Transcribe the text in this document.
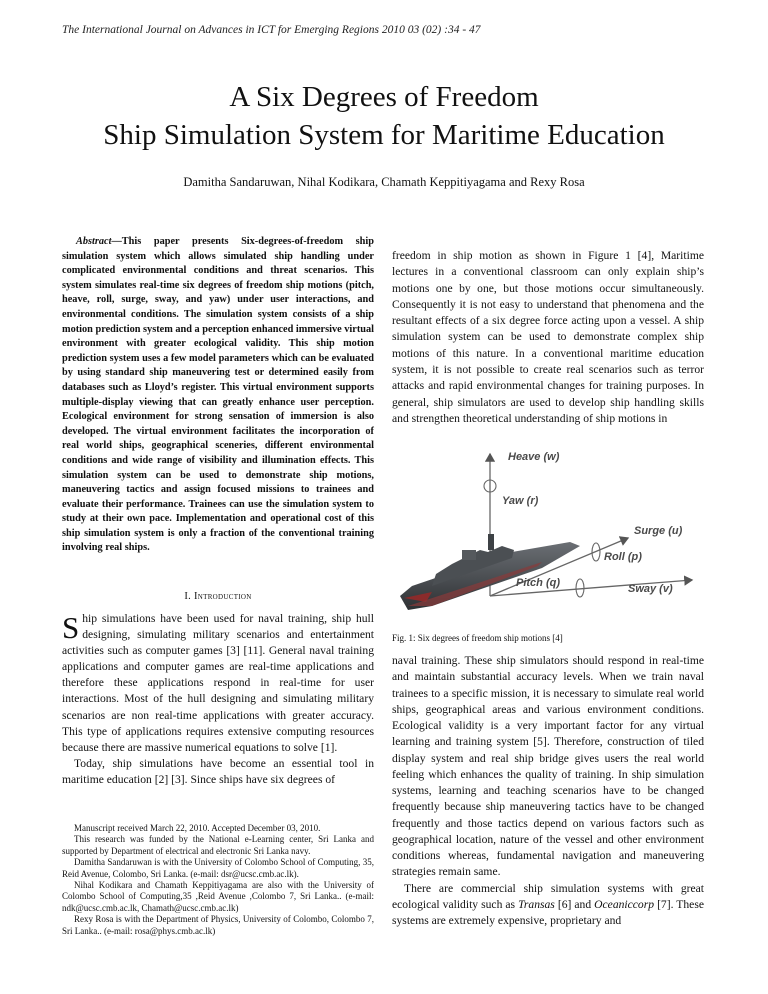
The International Journal on Advances in ICT for Emerging Regions 2010 03 (02) :34 - 47
A Six Degrees of Freedom
Ship Simulation System for Maritime Education
Damitha Sandaruwan, Nihal Kodikara, Chamath Keppitiyagama and Rexy Rosa
Abstract—This paper presents Six-degrees-of-freedom ship simulation system which allows simulated ship handling under complicated environmental conditions and threat scenarios. This system simulates real-time six degrees of freedom ship motions (pitch, heave, roll, surge, sway, and yaw) under user interactions, and environmental conditions. The simulation system consists of a ship motion prediction system and a perception enhanced immersive virtual environment with greater ecological validity. This ship motion prediction system uses a few model parameters which can be evaluated by using standard ship maneuvering test or determined easily from databases such as Lloyd’s register. This virtual environment supports multiple-display viewing that can greatly enhance user perception. Ecological environment for strong sensation of immersion is also developed. The virtual environment facilitates the incorporation of real world ships, geographical sceneries, different environmental conditions and wide range of visibility and illumination effects. This simulation system can be used to demonstrate ship motions, maneuvering tactics and assign focused missions to trainees and evaluate their performance. Trainees can use the simulation system to study at their own pace. Implementation and operational cost of this ship simulation system is only a fraction of the conventional training involving real ships.
I. Introduction

Ship simulations have been used for naval training, ship hull designing, simulating military scenarios and entertainment activities such as computer games [3] [11]. General naval training applications and computer games are real-time applications and therefore these applications respond in real-time for user interactions. Most of the hull designing and simulating military scenarios are non real-time applications with greater accuracy. This type of applications requires extensive computing resources because there are massive numerical equations to solve [1].

Today, ship simulations have become an essential tool in maritime education [2] [3]. Since ships have six degrees of

Manuscript received March 22, 2010. Accepted December 03, 2010.

This research was funded by the National e-Learning center, Sri Lanka and supported by Department of electrical and electronic Sri Lanka navy.

Damitha Sandaruwan is with the University of Colombo School of Computing, 35, Reid Avenue, Colombo, Sri Lanka. (e-mail: dsr@ucsc.cmb.ac.lk).

Nihal Kodikara and Chamath Keppitiyagama are also with the University of Colombo School of Computing,35 ,Reid Avenue ,Colombo 7, Sri Lanka.. (e-mail: ndk@ucsc.cmb.ac.lk, Chamath@ucsc.cmb.ac.lk)

Rexy Rosa is with the Department of Physics, University of Colombo, Colombo 7, Sri Lanka.. (e-mail: rosa@phys.cmb.ac.lk)

freedom in ship motion as shown in Figure 1 [4], Maritime lectures in a conventional classroom can only explain ship’s motions one by one, but those motions occur simultaneously. Consequently it is not easy to understand that phenomena and the resultant effects of a six degree force acting upon a vessel. A ship simulation system can be used to demonstrate complex ship motions of this nature. In a conventional maritime education system, it is not possible to create real scenarios such as terror attacks and rapid environmental changes for training purposes. In general, ship simulators are used to develop ship handling skills and strengthen theoretical understanding of ship motions in
Heave (w)
Surge (u)
Yaw (r)
Roll (p)
Pitch (q)	Sway (v)
Fig. 1: Six degrees of freedom ship motions [4]

naval training. These ship simulators should respond in real-time and maintain substantial accuracy levels. When we train naval trainees to a specific mission, it is necessary to simulate real world ships, geographical areas and various environment conditions. Ecological validity is a very important factor for any virtual learning and training system [5]. Therefore, construction of tiled display system and real ship bridge gives users the real world feeling which enhances the quality of training. In ship simulation systems, learning and teaching scenarios have to be changed frequently because ship maneuvering tactics have to be changed frequently and those tactics depend on various factors such as geographical location, nature of the vessel and other environment conditions whereas, fundamental navigation and maneuvering strategies remain same.

There are commercial ship simulation systems with great ecological validity such as Transas [6] and Oceaniccorp [7]. These systems are extremely expensive, proprietary and
